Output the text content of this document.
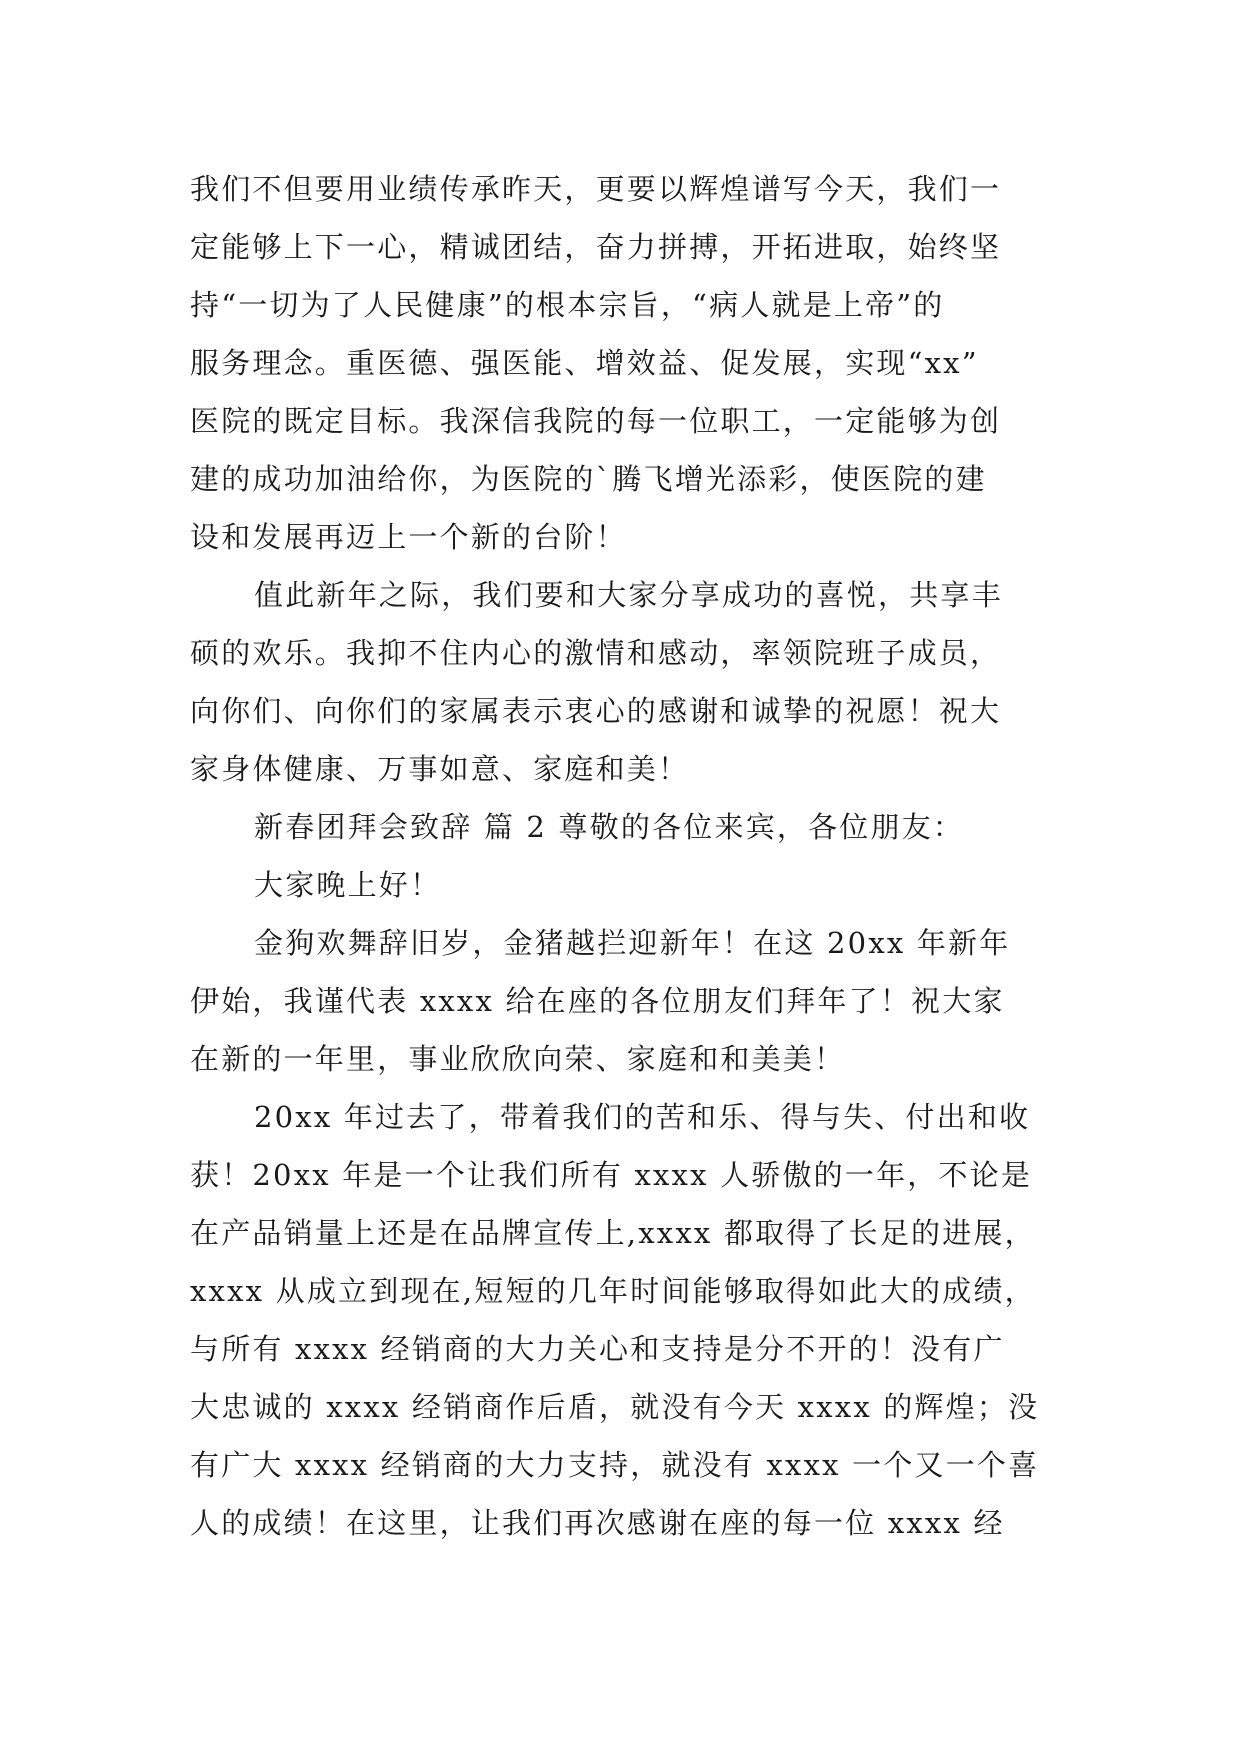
我们不但要用业绩传承昨天，更要以辉煌谱写今天，我们一
定能够上下一心，精诚团结，奋力拼搏，开拓进取，始终坚
持“一切为了人民健康”的根本宗旨，“病人就是上帝”的
服务理念。重医德、强医能、增效益、促发展，实现“xx”
医院的既定目标。我深信我院的每一位职工，一定能够为创
建的成功加油给你，为医院的`腾飞增光添彩，使医院的建
设和发展再迈上一个新的台阶！
值此新年之际，我们要和大家分享成功的喜悦，共享丰
硕的欢乐。我抑不住内心的激情和感动，率领院班子成员，
向你们、向你们的家属表示衷心的感谢和诚挚的祝愿！祝大
家身体健康、万事如意、家庭和美！
新春团拜会致辞 篇 2 尊敬的各位来宾，各位朋友：
大家晚上好！
金狗欢舞辞旧岁，金猪越拦迎新年！在这 20xx 年新年
伊始，我谨代表 xxxx 给在座的各位朋友们拜年了！祝大家
在新的一年里，事业欣欣向荣、家庭和和美美！
20xx 年过去了，带着我们的苦和乐、得与失、付出和收
获！20xx 年是一个让我们所有 xxxx 人骄傲的一年，不论是
在产品销量上还是在品牌宣传上,xxxx 都取得了长足的进展，
xxxx 从成立到现在,短短的几年时间能够取得如此大的成绩，
与所有 xxxx 经销商的大力关心和支持是分不开的！没有广
大忠诚的 xxxx 经销商作后盾，就没有今天 xxxx 的辉煌；没
有广大 xxxx 经销商的大力支持，就没有 xxxx 一个又一个喜
人的成绩！在这里，让我们再次感谢在座的每一位 xxxx 经
